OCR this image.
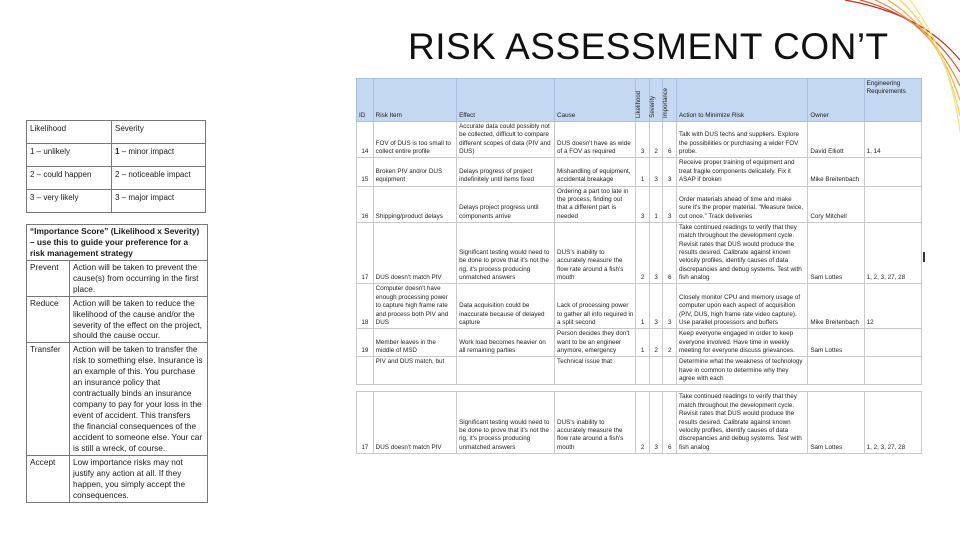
RISK ASSESSMENT CON’T
Likelihood	Severity
1 – unlikely	1 – minor impact
2 – could happen	2 – noticeable impact
3 – very likely	3 – major impact
“Importance Score” (Likelihood x Severity) – use this to guide your preference for a risk management strategy	
Prevent	Action will be taken to prevent the cause(s) from occurring in the first place.
Reduce	Action will be taken to reduce the likelihood of the cause and/or the severity of the effect on the project, should the cause occur.
Transfer	Action will be taken to transfer the risk to something else. Insurance is an example of this. You purchase an insurance policy that contractually binds an insurance company to pay for your loss in the event of accident. This transfers the financial consequences of the accident to someone else. Your car is still a wreck, of course.
Accept	Low importance risks may not justify any action at all. If they happen, you simply accept the consequences.
ID	Risk Item	Effect	Cause	Likelihood	Severity	Importance	Action to Minimize Risk	Owner	Engineering Requirements
14	FOV of DUS is too small to collect entire profile	Accurate data could possibly not be collected, difficult to compare different scopes of data (PIV and DUS)	DUS doesn't have as wide of a FOV as required	3	2	6	Talk with DUS techs and suppliers. Explore the possibilities or purchasing a wider FOV probe.	David Elliott	1, 14
15	Broken PIV and/or DUS equipment	Delays progress of project indefinitely until items fixed	Mishandling of equipment, accidental breakage	1	3	3	Receive proper training of equipment and treat fragile components delicately. Fix it ASAP if broken	Mike Breitenbach	
16	Shipping/product delays	Delays project progress until components arrive	Ordering a part too late in the process, finding out that a different part is needed	3	1	3	Order materials ahead of time and make sure it's the proper material. "Measure twice, cut once." Track deliveries	Cory Mitchell	
17	DUS doesn't match PIV	Significant testing would need to be done to prove that it's not the rig, it's process producing unmatched answers	DUS's inability to accurately measure the flow rate around a fish's mouth	2	3	6	Take continued readings to verify that they match throughout the development cycle. Revisit rates that DUS would produce the results desired. Calibrate against known velocity profiles, identify causes of data discrepancies and debug systems. Test with fish analog	Sam Lottes	1, 2, 3, 27, 28
18	Computer doesn't have enough processing power to capture high frame rate and process both PIV and DUS	Data acquisition could be inaccurate because of delayed capture	Lack of processing power to gather all info required in a split second	1	3	3	Closely monitor CPU and memory usage of computer upon each aspect of acquisition (PIV, DUS, high frame rate video capture). Use parallel processors and buffers	Mike Breitenbach	12
19	Member leaves in the middle of MSD	Work load becomes heavier on all remaining parties	Person decides they don't want to be an engineer anymore, emergency	1	2	2	Keep everyone engaged in order to keep everyone involved. Have time in weekly meeting for everyone discuss grievances.	Sam Lottes	
	PIV and DUS match, but		Technical issue that				Determine what the weakness of technology have in common to determine why they agree with each		

17	DUS doesn't match PIV	Significant testing would need to be done to prove that it's not the rig, it's process producing unmatched answers	DUS's inability to accurately measure the flow rate around a fish's mouth	2	3	6	Take continued readings to verify that they match throughout the development cycle. Revisit rates that DUS would produce the results desired. Calibrate against known velocity profiles, identify causes of data discrepancies and debug systems. Test with fish analog	Sam Lottes	1, 2, 3, 27, 28
